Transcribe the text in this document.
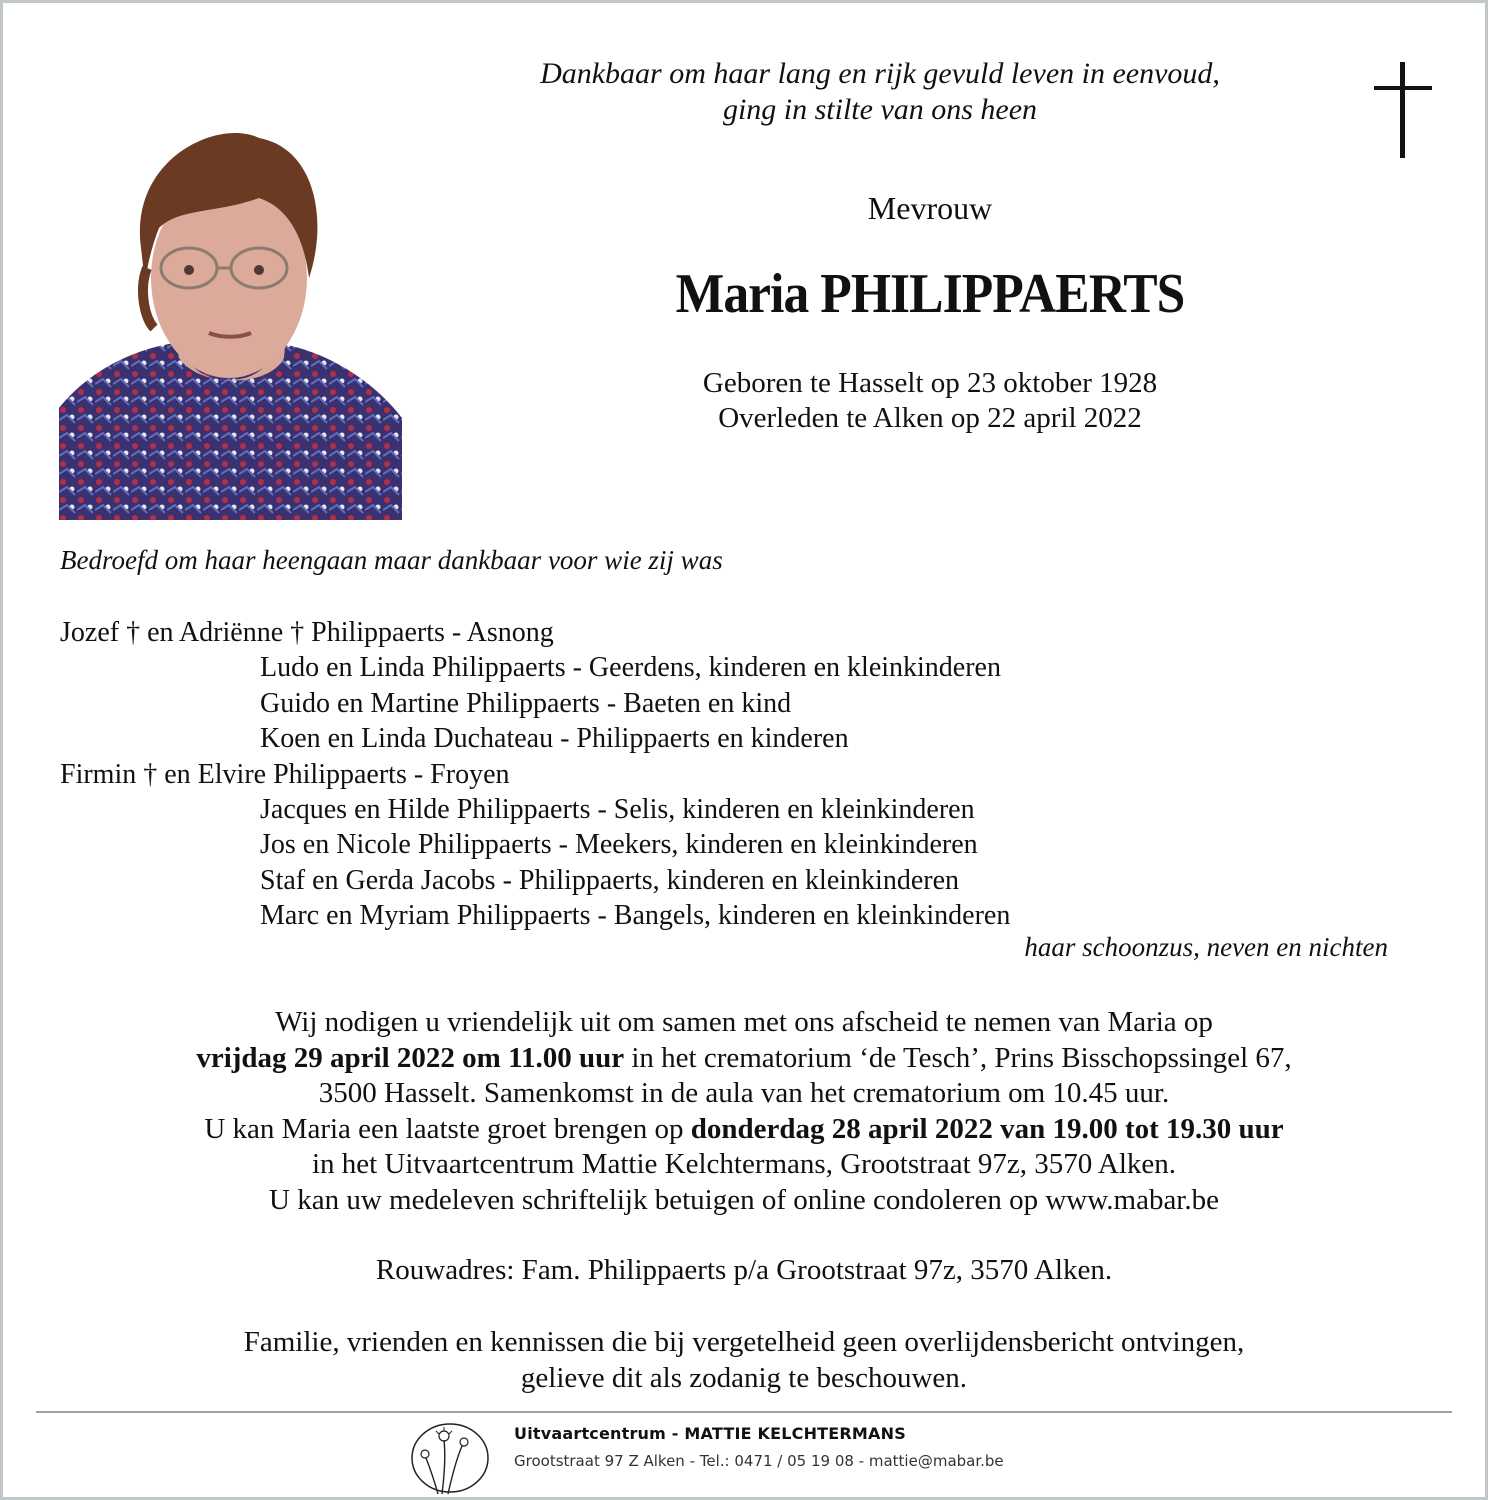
Dankbaar om haar lang en rijk gevuld leven in eenvoud,
ging in stilte van ons heen
Mevrouw
Maria PHILIPPAERTS
Geboren te Hasselt op 23 oktober 1928
Overleden te Alken op 22 april 2022
Bedroefd om haar heengaan maar dankbaar voor wie zij was
Jozef † en Adriënne † Philippaerts - Asnong
Ludo en Linda Philippaerts - Geerdens, kinderen en kleinkinderen
Guido en Martine Philippaerts - Baeten en kind
Koen en Linda Duchateau - Philippaerts en kinderen
Firmin † en Elvire Philippaerts - Froyen
Jacques en Hilde Philippaerts - Selis, kinderen en kleinkinderen
Jos en Nicole Philippaerts - Meekers, kinderen en kleinkinderen
Staf en Gerda Jacobs - Philippaerts, kinderen en kleinkinderen
Marc en Myriam Philippaerts - Bangels, kinderen en kleinkinderen
haar schoonzus, neven en nichten
Wij nodigen u vriendelijk uit om samen met ons afscheid te nemen van Maria op
vrijdag 29 april 2022 om 11.00 uur in het crematorium ‘de Tesch’, Prins Bisschopssingel 67,
3500 Hasselt. Samenkomst in de aula van het crematorium om 10.45 uur.
U kan Maria een laatste groet brengen op donderdag 28 april 2022 van 19.00 tot 19.30 uur
in het Uitvaartcentrum Mattie Kelchtermans, Grootstraat 97z, 3570 Alken.
U kan uw medeleven schriftelijk betuigen of online condoleren op www.mabar.be
Rouwadres: Fam. Philippaerts p/a Grootstraat 97z, 3570 Alken.
Familie, vrienden en kennissen die bij vergetelheid geen overlijdensbericht ontvingen,
gelieve dit als zodanig te beschouwen.
Uitvaartcentrum - MATTIE KELCHTERMANS
Grootstraat 97 Z Alken - Tel.: 0471 / 05 19 08 - mattie@mabar.be
